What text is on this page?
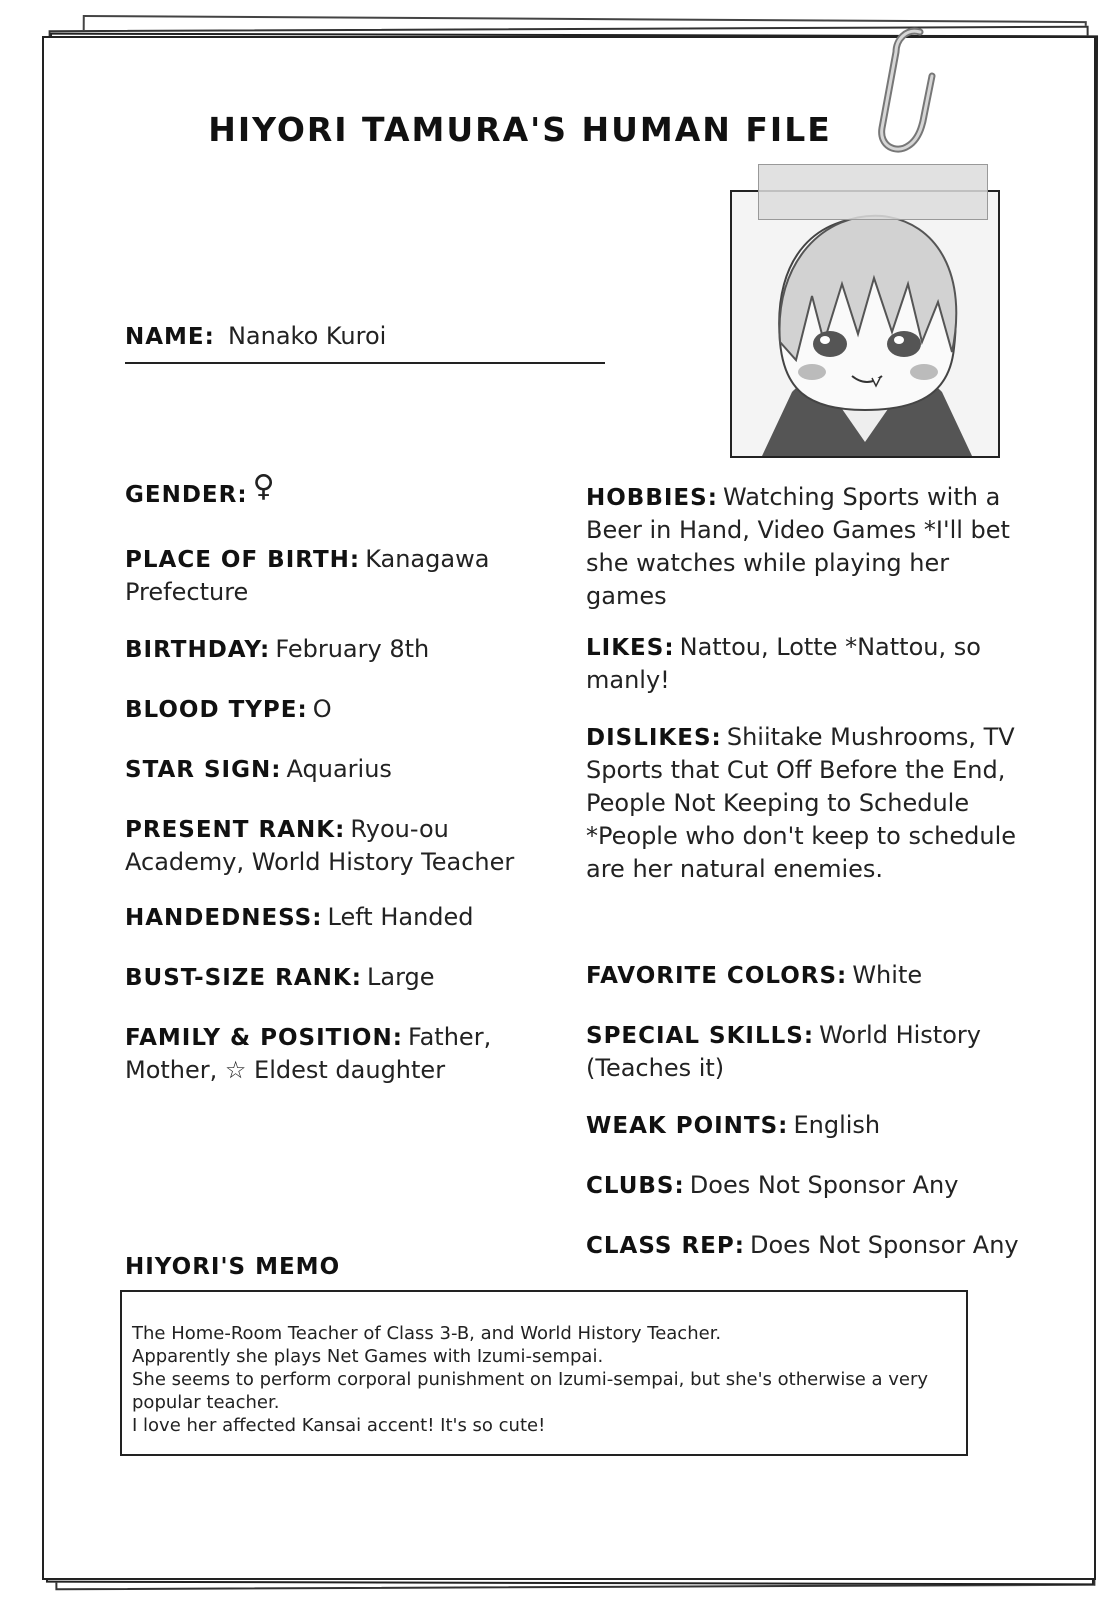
HIYORI TAMURA'S HUMAN FILE
NAME: Nanako Kuroi
GENDER: ♀
PLACE OF BIRTH: Kanagawa Prefecture
BIRTHDAY: February 8th
BLOOD TYPE: O
STAR SIGN: Aquarius
PRESENT RANK: Ryou-ou Academy, World History Teacher
HANDEDNESS: Left Handed
BUST-SIZE RANK: Large
FAMILY & POSITION: Father, Mother, ☆ Eldest daughter
HOBBIES: Watching Sports with a Beer in Hand, Video Games *I'll bet she watches while playing her games
LIKES: Nattou, Lotte *Nattou, so manly!
DISLIKES: Shiitake Mushrooms, TV Sports that Cut Off Before the End, People Not Keeping to Schedule *People who don't keep to schedule are her natural enemies.
FAVORITE COLORS: White
SPECIAL SKILLS: World History (Teaches it)
WEAK POINTS: English
CLUBS: Does Not Sponsor Any
CLASS REP: Does Not Sponsor Any
HIYORI'S MEMO
The Home-Room Teacher of Class 3-B, and World History Teacher.
Apparently she plays Net Games with Izumi-sempai.
She seems to perform corporal punishment on Izumi-sempai, but she's otherwise a very popular teacher.
I love her affected Kansai accent! It's so cute!
